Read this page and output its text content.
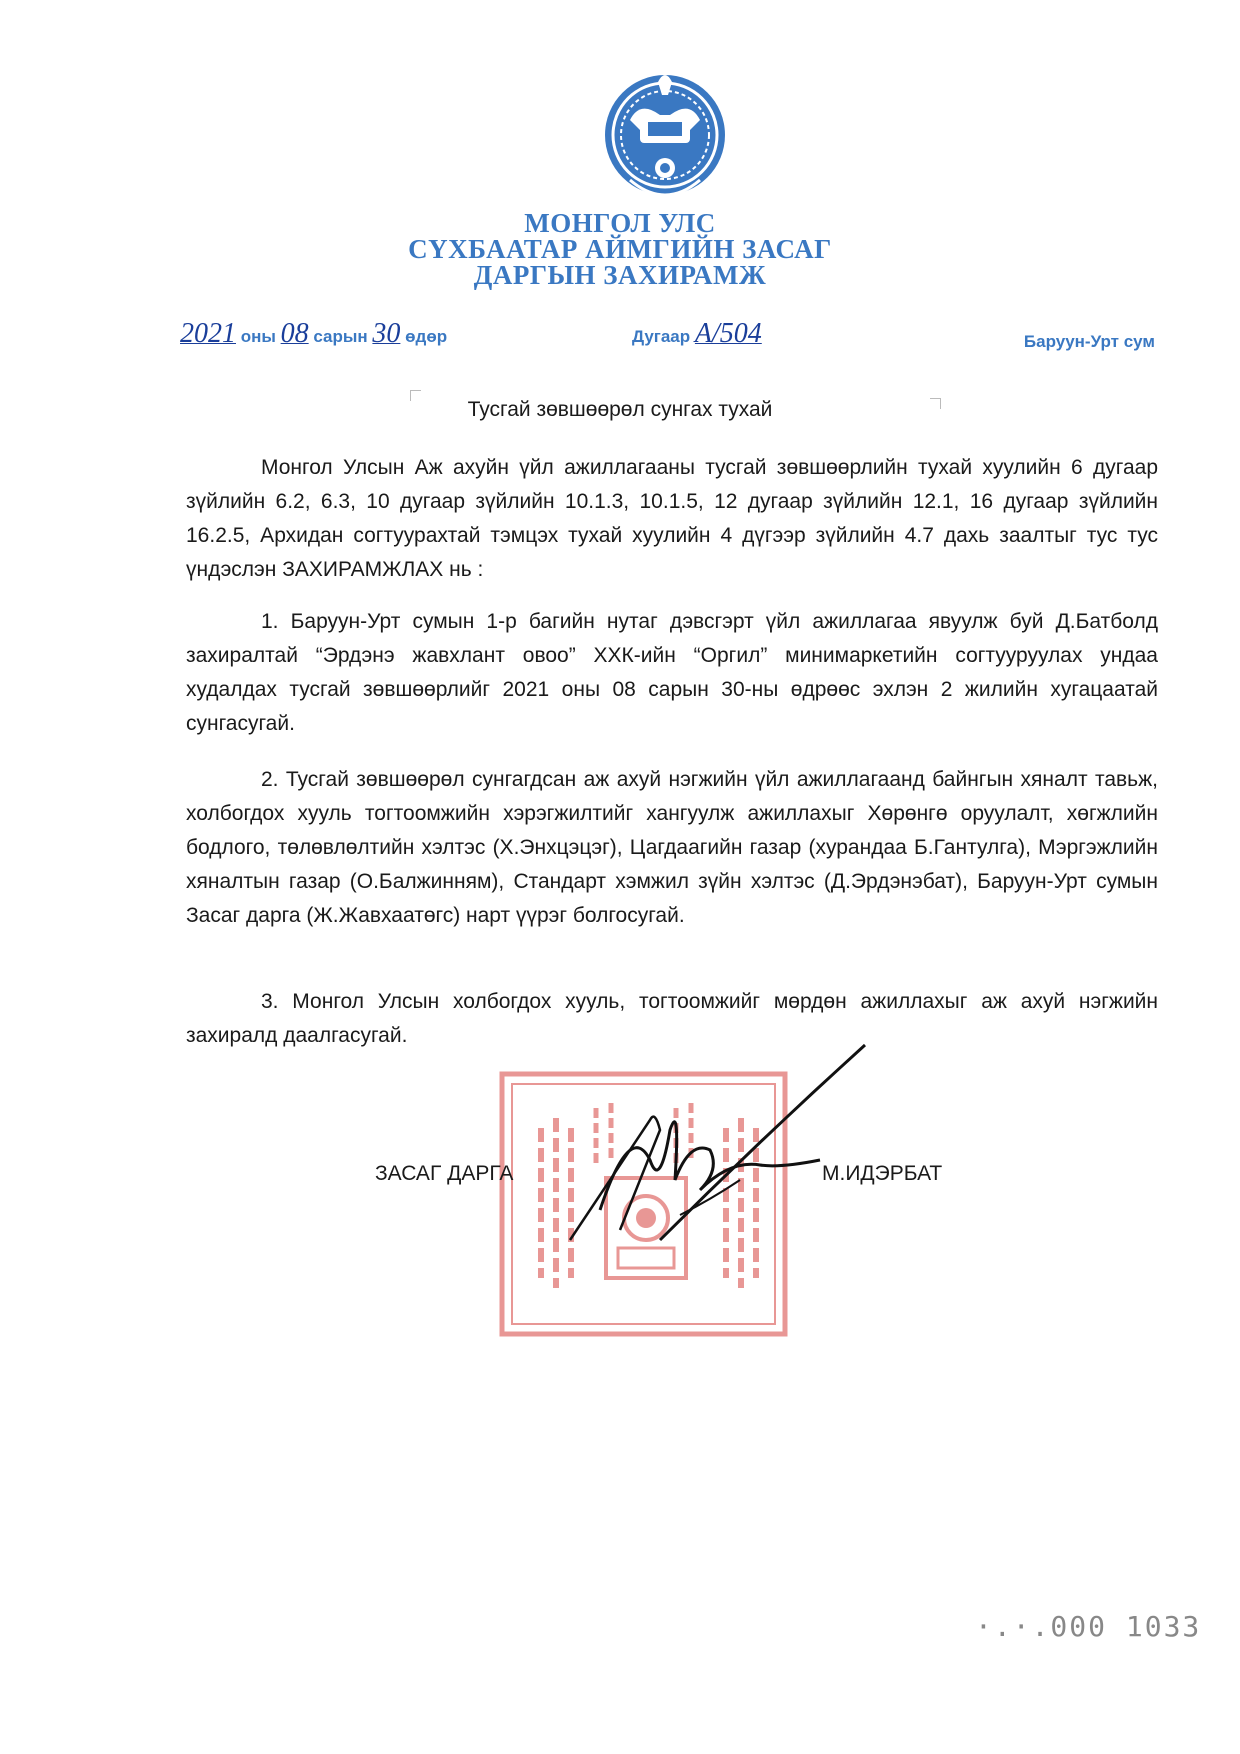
МОНГОЛ УЛС
СҮХБААТАР АЙМГИЙН ЗАСАГ
ДАРГЫН ЗАХИРАМЖ
2021 оны 08 сарын 30 өдөр	Дугаар А/504	Баруун-Урт сум
Тусгай зөвшөөрөл сунгах тухай

Монгол Улсын Аж ахуйн үйл ажиллагааны тусгай зөвшөөрлийн тухай хуулийн 6 дугаар зүйлийн 6.2, 6.3, 10 дугаар зүйлийн 10.1.3, 10.1.5, 12 дугаар зүйлийн 12.1, 16 дугаар зүйлийн 16.2.5, Архидан согтуурахтай тэмцэх тухай хуулийн 4 дүгээр зүйлийн 4.7 дахь заалтыг тус тус үндэслэн ЗАХИРАМЖЛАХ нь :

1. Баруун-Урт сумын 1-р багийн нутаг дэвсгэрт үйл ажиллагаа явуулж буй Д.Батболд захиралтай “Эрдэнэ жавхлант овоо” ХХК-ийн “Оргил” минимаркетийн согтууруулах ундаа худалдах тусгай зөвшөөрлийг 2021 оны 08 сарын 30-ны өдрөөс эхлэн 2 жилийн хугацаатай сунгасугай.

2. Тусгай зөвшөөрөл сунгагдсан аж ахуй нэгжийн үйл ажиллагаанд байнгын хяналт тавьж, холбогдох хууль тогтоомжийн хэрэгжилтийг хангуулж ажиллахыг Хөрөнгө оруулалт, хөгжлийн бодлого, төлөвлөлтийн хэлтэс (Х.Энхцэцэг), Цагдаагийн газар (хурандаа Б.Гантулга), Мэргэжлийн хяналтын газар (О.Балжинням), Стандарт хэмжил зүйн хэлтэс (Д.Эрдэнэбат), Баруун-Урт сумын Засаг дарга (Ж.Жавхаатөгс) нарт үүрэг болгосугай.

3. Монгол Улсын холбогдох хууль, тогтоомжийг мөрдөн ажиллахыг аж ахуй нэгжийн захиралд даалгасугай.

ЗАСАГ ДАРГА	М.ИДЭРБАТ
·.·.000 1033
